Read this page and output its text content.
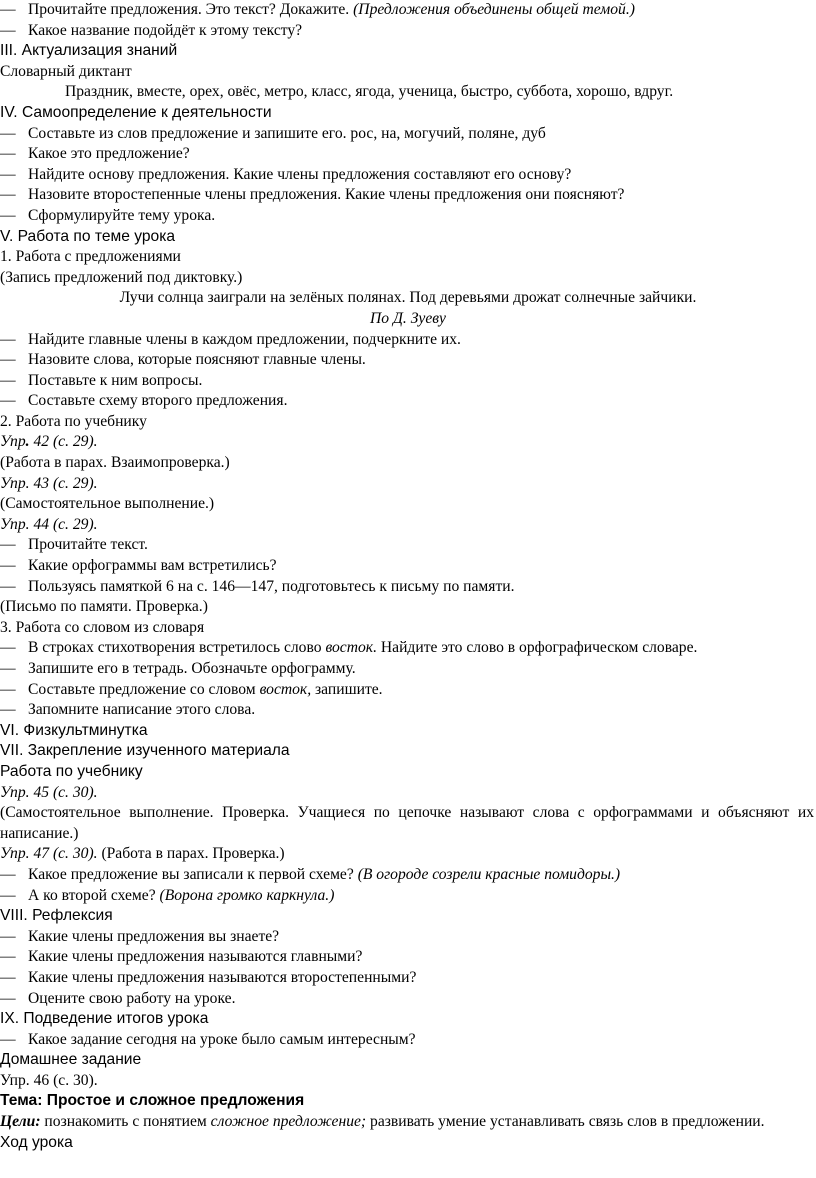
— Прочитайте предложения. Это текст? Докажите. (Предложения объединены общей темой.)
— Какое название подойдёт к этому тексту?
III. Актуализация знаний
Словарный диктант
Праздник, вместе, орех, овёс, метро, класс, ягода, ученица, быстро, суббота, хорошо, вдруг.
IV. Самоопределение к деятельности
— Составьте из слов предложение и запишите его. рос, на, могучий, поляне, дуб
— Какое это предложение?
— Найдите основу предложения. Какие члены предложения составляют его основу?
— Назовите второстепенные члены предложения. Какие члены предложения они поясняют?
— Сформулируйте тему урока.
V. Работа по теме урока
1. Работа с предложениями
(Запись предложений под диктовку.)
Лучи солнца заиграли на зелёных полянах. Под деревьями дрожат солнечные зайчики.
По Д. Зуеву
— Найдите главные члены в каждом предложении, подчеркните их.
— Назовите слова, которые поясняют главные члены.
— Поставьте к ним вопросы.
— Составьте схему второго предложения.
2. Работа по учебнику
Упр. 42 (с. 29).
(Работа в парах. Взаимопроверка.)
Упр. 43 (с. 29).
(Самостоятельное выполнение.)
Упр. 44 (с. 29).
— Прочитайте текст.
— Какие орфограммы вам встретились?
— Пользуясь памяткой 6 на с. 146—147, подготовьтесь к письму по памяти.
(Письмо по памяти. Проверка.)
3. Работа со словом из словаря
— В строках стихотворения встретилось слово восток. Найдите это слово в орфографическом словаре.
— Запишите его в тетрадь. Обозначьте орфограмму.
— Составьте предложение со словом восток, запишите.
— Запомните написание этого слова.
VI. Физкультминутка
VII. Закрепление изученного материала
Работа по учебнику
Упр. 45 (с. 30).
(Самостоятельное выполнение. Проверка. Учащиеся по цепочке называют слова с орфограммами и объясняют их написание.)
Упр. 47 (с. 30). (Работа в парах. Проверка.)
— Какое предложение вы записали к первой схеме? (В огороде созрели красные помидоры.)
— А ко второй схеме? (Ворона громко каркнула.)
VIII. Рефлексия
— Какие члены предложения вы знаете?
— Какие члены предложения называются главными?
— Какие члены предложения называются второстепенными?
— Оцените свою работу на уроке.
IX. Подведение итогов урока
— Какое задание сегодня на уроке было самым интересным?
Домашнее задание
Упр. 46 (с. 30).
Тема: Простое и сложное предложения
Цели: познакомить с понятием сложное предложение; развивать умение устанавливать связь слов в предложении.
Ход урока
